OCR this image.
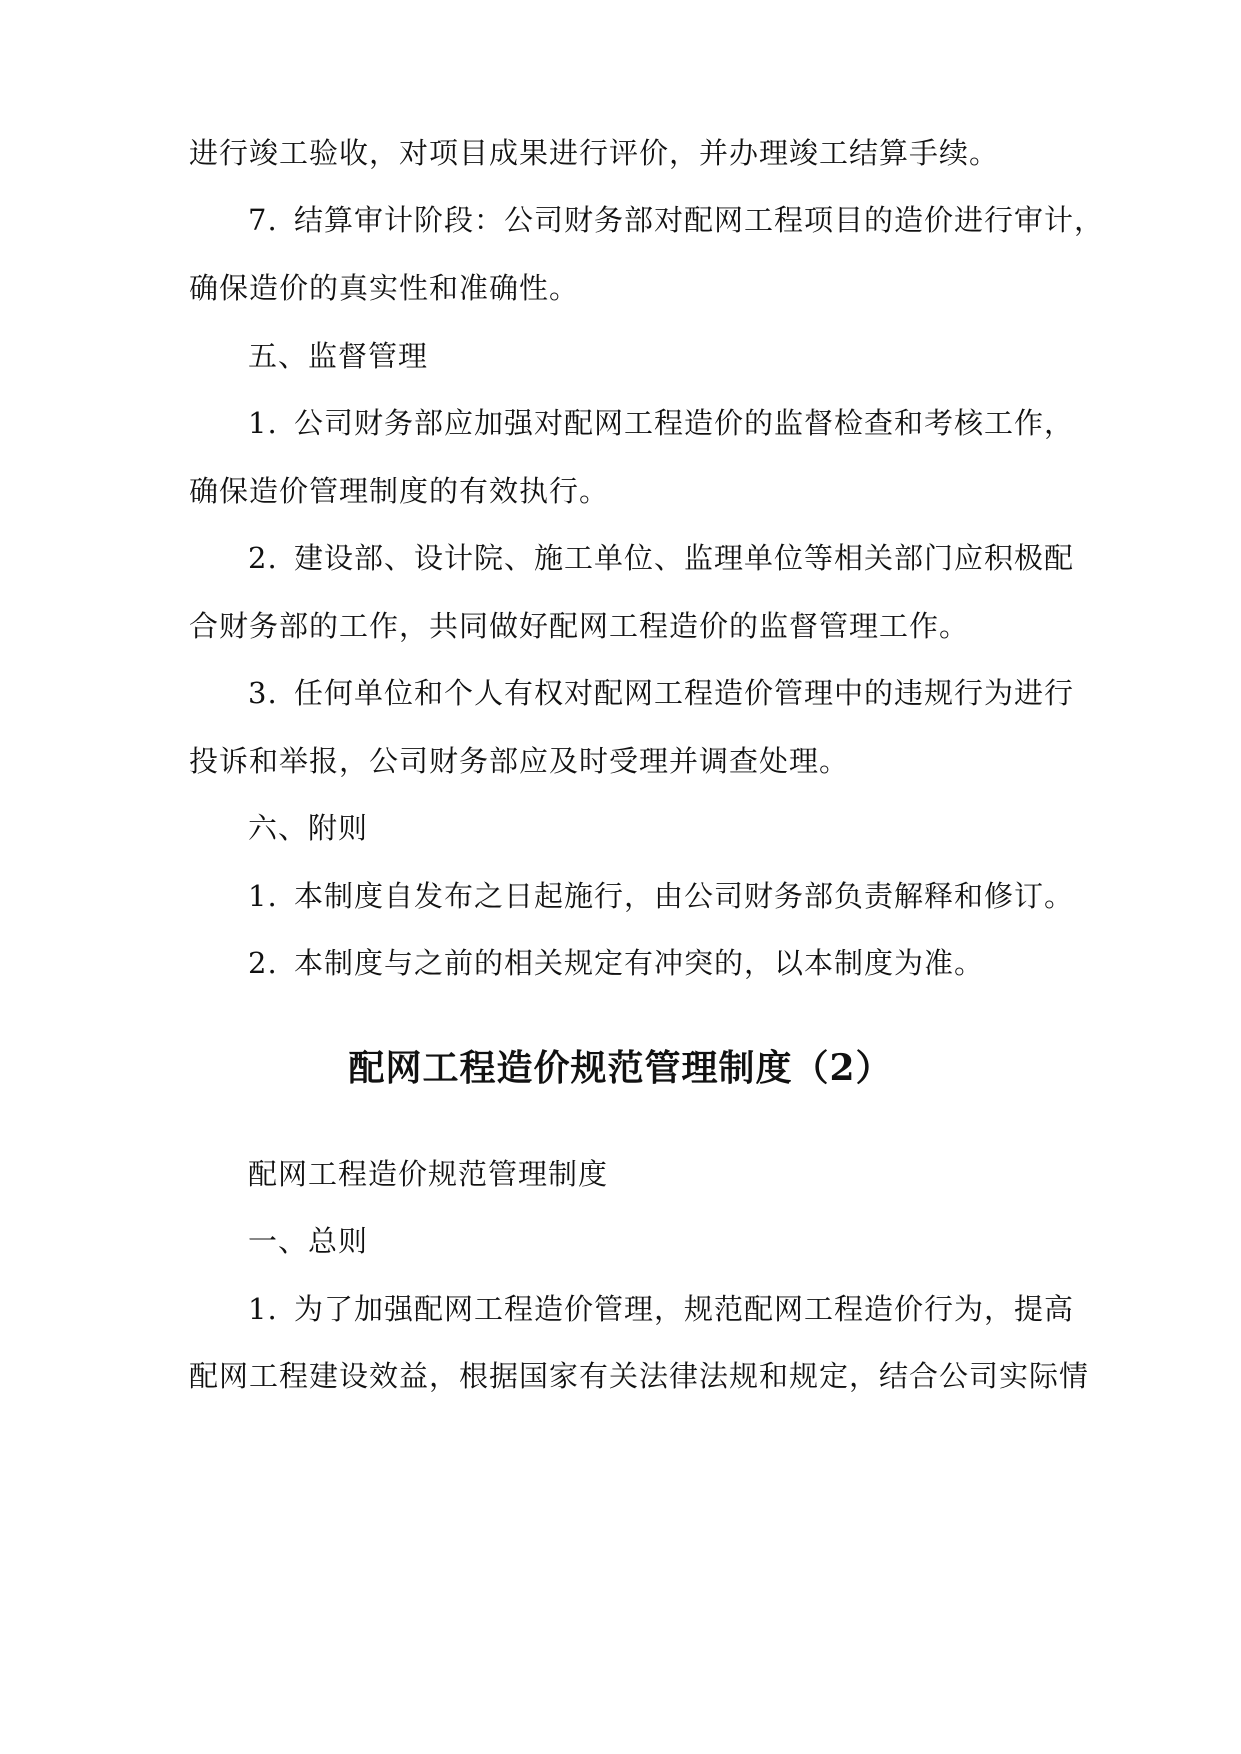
进行竣工验收，对项目成果进行评价，并办理竣工结算手续。
7. 结算审计阶段：公司财务部对配网工程项目的造价进行审计，
确保造价的真实性和准确性。
五、监督管理
1. 公司财务部应加强对配网工程造价的监督检查和考核工作，
确保造价管理制度的有效执行。
2. 建设部、设计院、施工单位、监理单位等相关部门应积极配
合财务部的工作，共同做好配网工程造价的监督管理工作。
3. 任何单位和个人有权对配网工程造价管理中的违规行为进行
投诉和举报，公司财务部应及时受理并调查处理。
六、附则
1. 本制度自发布之日起施行，由公司财务部负责解释和修订。
2. 本制度与之前的相关规定有冲突的，以本制度为准。
配网工程造价规范管理制度（2）
配网工程造价规范管理制度
一、总则
1. 为了加强配网工程造价管理，规范配网工程造价行为，提高
配网工程建设效益，根据国家有关法律法规和规定，结合公司实际情
